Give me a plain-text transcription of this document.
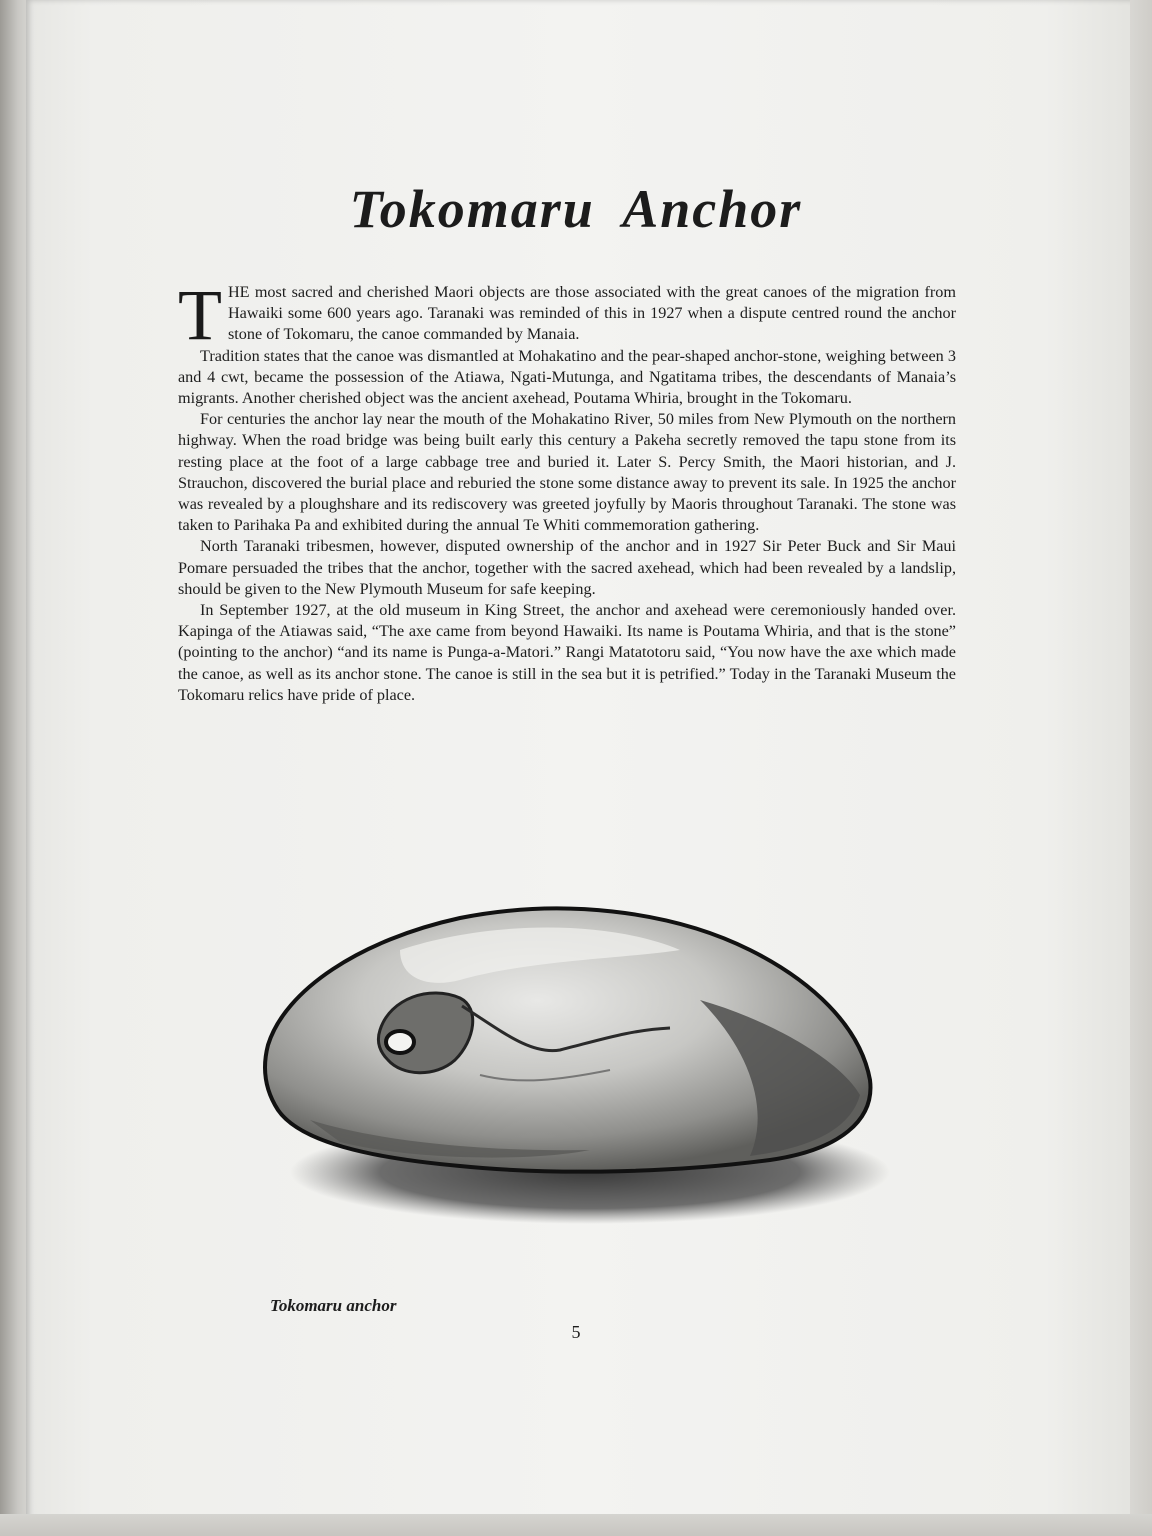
Tokomaru Anchor

THE most sacred and cherished Maori objects are those associated with the great canoes of the migration from Hawaiki some 600 years ago. Taranaki was reminded of this in 1927 when a dispute centred round the anchor stone of Tokomaru, the canoe commanded by Manaia.

Tradition states that the canoe was dismantled at Mohakatino and the pear-shaped anchor-stone, weighing between 3 and 4 cwt, became the possession of the Atiawa, Ngati-Mutunga, and Ngatitama tribes, the descendants of Manaia’s migrants. Another cherished object was the ancient axehead, Poutama Whiria, brought in the Tokomaru.

For centuries the anchor lay near the mouth of the Mohakatino River, 50 miles from New Plymouth on the northern highway. When the road bridge was being built early this century a Pakeha secretly removed the tapu stone from its resting place at the foot of a large cabbage tree and buried it. Later S. Percy Smith, the Maori historian, and J. Strauchon, discovered the burial place and reburied the stone some distance away to prevent its sale. In 1925 the anchor was revealed by a ploughshare and its rediscovery was greeted joyfully by Maoris throughout Taranaki. The stone was taken to Parihaka Pa and exhibited during the annual Te Whiti commemoration gathering.

North Taranaki tribesmen, however, disputed ownership of the anchor and in 1927 Sir Peter Buck and Sir Maui Pomare persuaded the tribes that the anchor, together with the sacred axehead, which had been revealed by a landslip, should be given to the New Plymouth Museum for safe keeping.

In September 1927, at the old museum in King Street, the anchor and axehead were ceremoniously handed over. Kapinga of the Atiawas said, “The axe came from beyond Hawaiki. Its name is Poutama Whiria, and that is the stone” (pointing to the anchor) “and its name is Punga-a-Matori.” Rangi Matatotoru said, “You now have the axe which made the canoe, as well as its anchor stone. The canoe is still in the sea but it is petrified.” Today in the Taranaki Museum the Tokomaru relics have pride of place.

Tokomaru anchor
5
